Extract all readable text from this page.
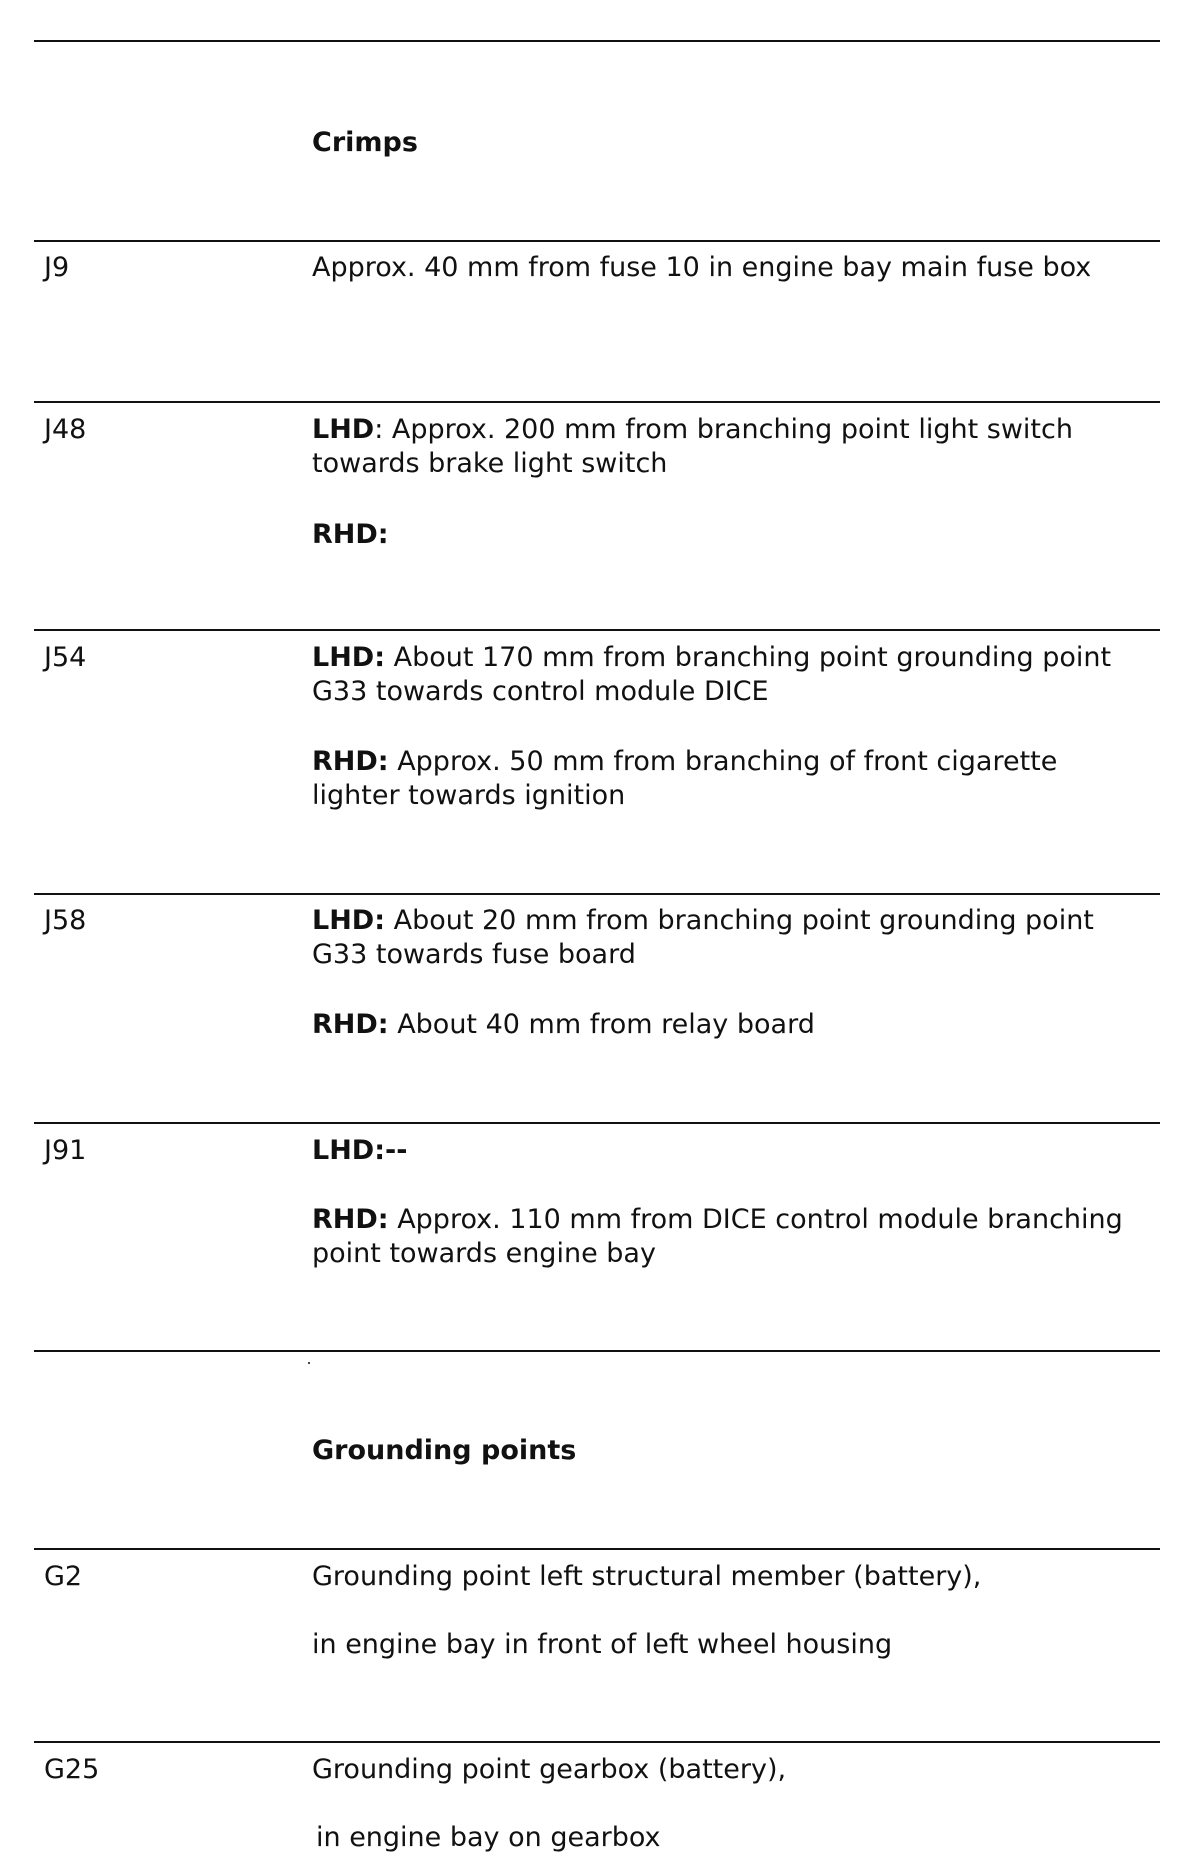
Crimps
J9	Approx. 40 mm from fuse 10 in engine bay main fuse box
J48	LHD: Approx. 200 mm from branching point light switch towards brake light switch
RHD:
J54	LHD: About 170 mm from branching point grounding point G33 towards control module DICE
RHD: Approx. 50 mm from branching of front cigarette lighter towards ignition
J58	LHD: About 20 mm from branching point grounding point G33 towards fuse board
RHD: About 40 mm from relay board
J91	LHD:--
RHD: Approx. 110 mm from DICE control module branching point towards engine bay
Grounding points
G2	Grounding point left structural member (battery),
in engine bay in front of left wheel housing
G25	Grounding point gearbox (battery),
in engine bay on gearbox
